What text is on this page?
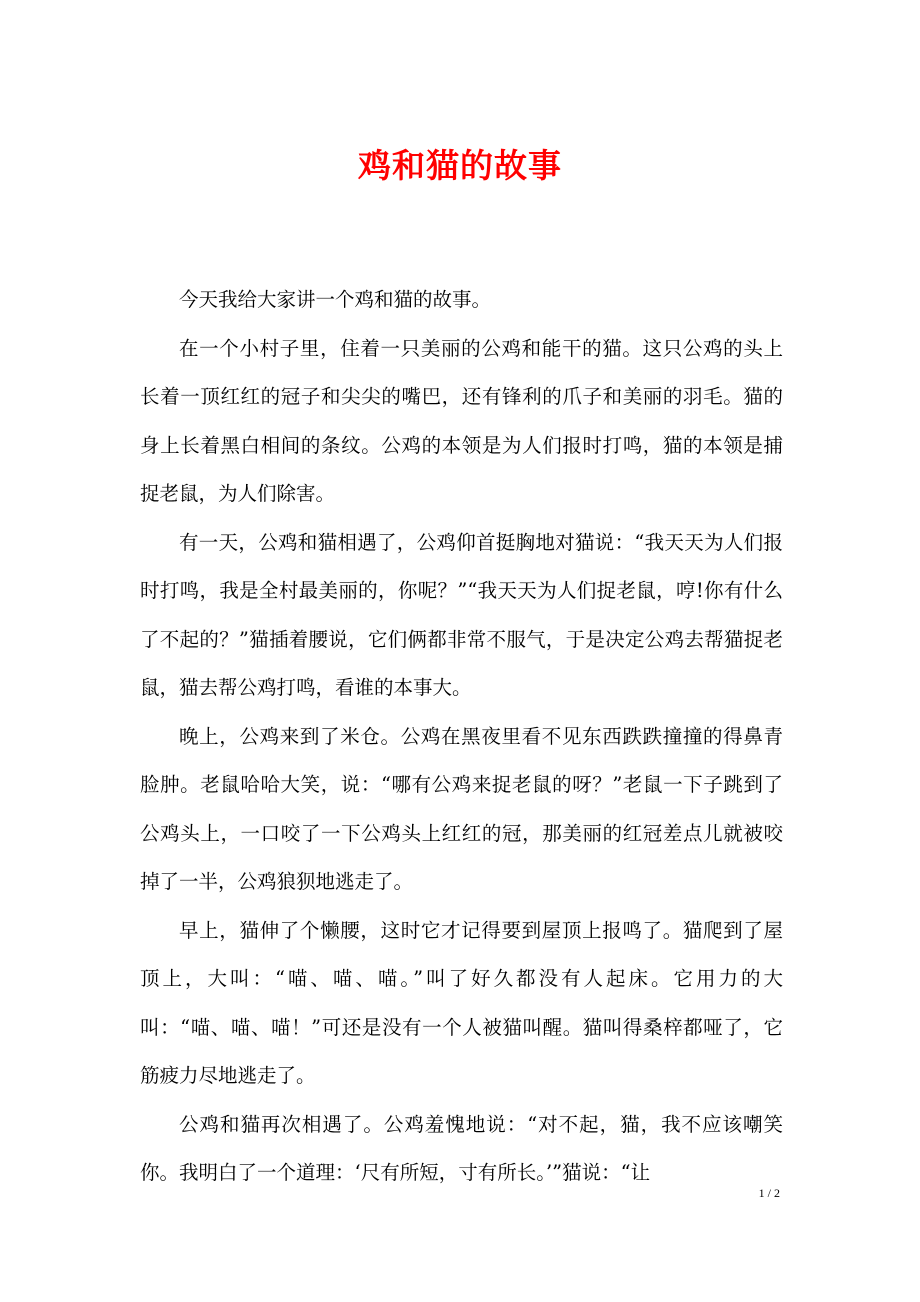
鸡和猫的故事

今天我给大家讲一个鸡和猫的故事。

在一个小村子里，住着一只美丽的公鸡和能干的猫。这只公鸡的头上长着一顶红红的冠子和尖尖的嘴巴，还有锋利的爪子和美丽的羽毛。猫的身上长着黑白相间的条纹。公鸡的本领是为人们报时打鸣，猫的本领是捕捉老鼠，为人们除害。

有一天，公鸡和猫相遇了，公鸡仰首挺胸地对猫说：“我天天为人们报时打鸣，我是全村最美丽的，你呢？”“我天天为人们捉老鼠，哼!你有什么了不起的？”猫插着腰说，它们俩都非常不服气，于是决定公鸡去帮猫捉老鼠，猫去帮公鸡打鸣，看谁的本事大。

晚上，公鸡来到了米仓。公鸡在黑夜里看不见东西跌跌撞撞的得鼻青脸肿。老鼠哈哈大笑，说：“哪有公鸡来捉老鼠的呀？”老鼠一下子跳到了公鸡头上，一口咬了一下公鸡头上红红的冠，那美丽的红冠差点儿就被咬掉了一半，公鸡狼狈地逃走了。

早上，猫伸了个懒腰，这时它才记得要到屋顶上报鸣了。猫爬到了屋顶上，大叫：“喵、喵、喵。”叫了好久都没有人起床。它用力的大叫：“喵、喵、喵！”可还是没有一个人被猫叫醒。猫叫得桑梓都哑了，它筋疲力尽地逃走了。

公鸡和猫再次相遇了。公鸡羞愧地说：“对不起，猫，我不应该嘲笑你。我明白了一个道理：‘尺有所短，寸有所长。’”猫说：“让

1 / 2
